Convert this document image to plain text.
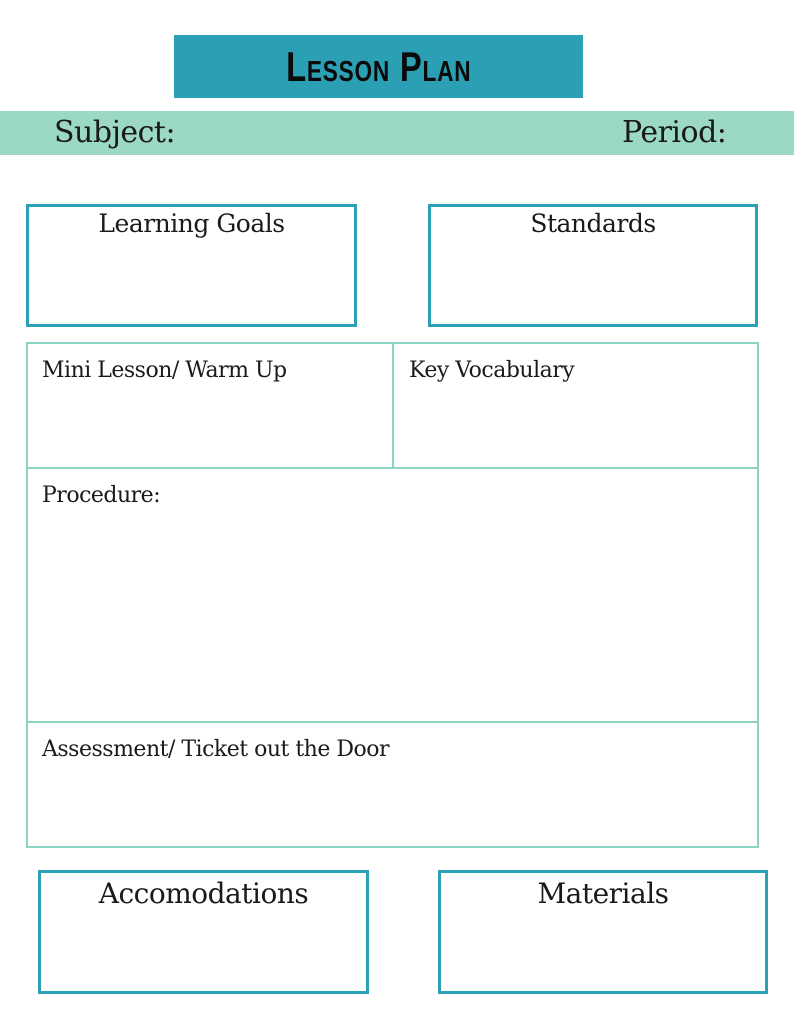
Lesson Plan
Subject:	Period:
Learning Goals	Standards
Mini Lesson/ Warm Up	Key Vocabulary
Procedure:
Assessment/ Ticket out the Door
Accomodations	Materials
